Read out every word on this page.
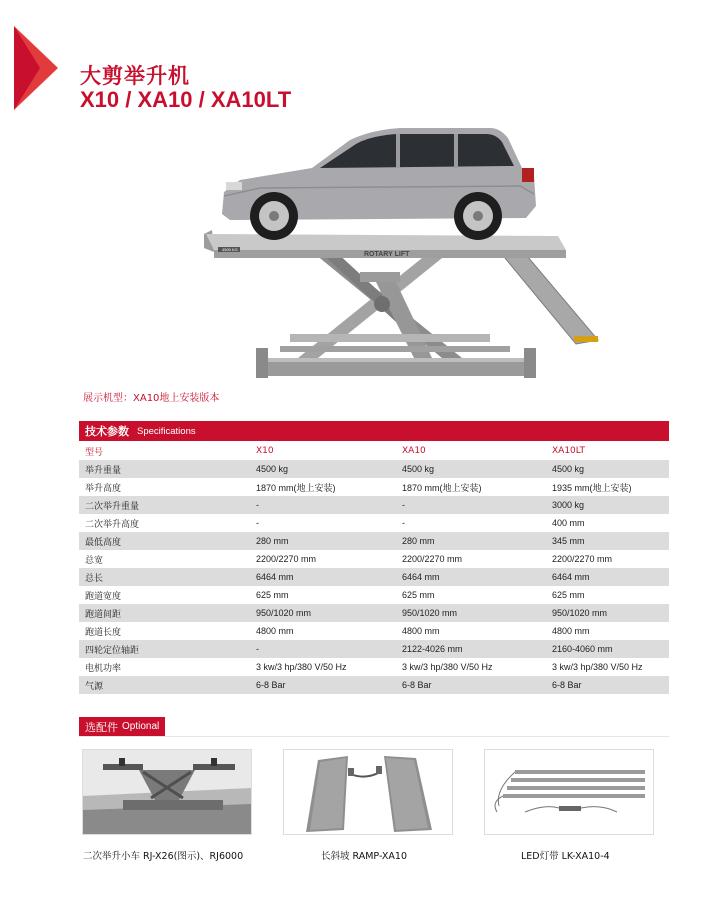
大剪举升机
X10 / XA10 / XA10LT
4500 KG
ROTARY LIFT
展示机型：XA10地上安装版本
技术参数 Specifications
型号	X10	XA10	XA10LT
举升重量	4500 kg	4500 kg	4500 kg
举升高度	1870 mm(地上安装)	1870 mm(地上安装)	1935 mm(地上安装)
二次举升重量	-	-	3000 kg
二次举升高度	-	-	400 mm
最低高度	280 mm	280 mm	345 mm
总宽	2200/2270 mm	2200/2270 mm	2200/2270 mm
总长	6464 mm	6464 mm	6464 mm
跑道宽度	625 mm	625 mm	625 mm
跑道间距	950/1020 mm	950/1020 mm	950/1020 mm
跑道长度	4800 mm	4800 mm	4800 mm
四轮定位轴距	-	2122-4026 mm	2160-4060 mm
电机功率	3 kw/3 hp/380 V/50 Hz	3 kw/3 hp/380 V/50 Hz	3 kw/3 hp/380 V/50 Hz
气源	6-8 Bar	6-8 Bar	6-8 Bar
选配件 Optional
二次举升小车 RJ-X26(图示)、RJ6000	长斜坡 RAMP-XA10	LED灯带 LK-XA10-4
